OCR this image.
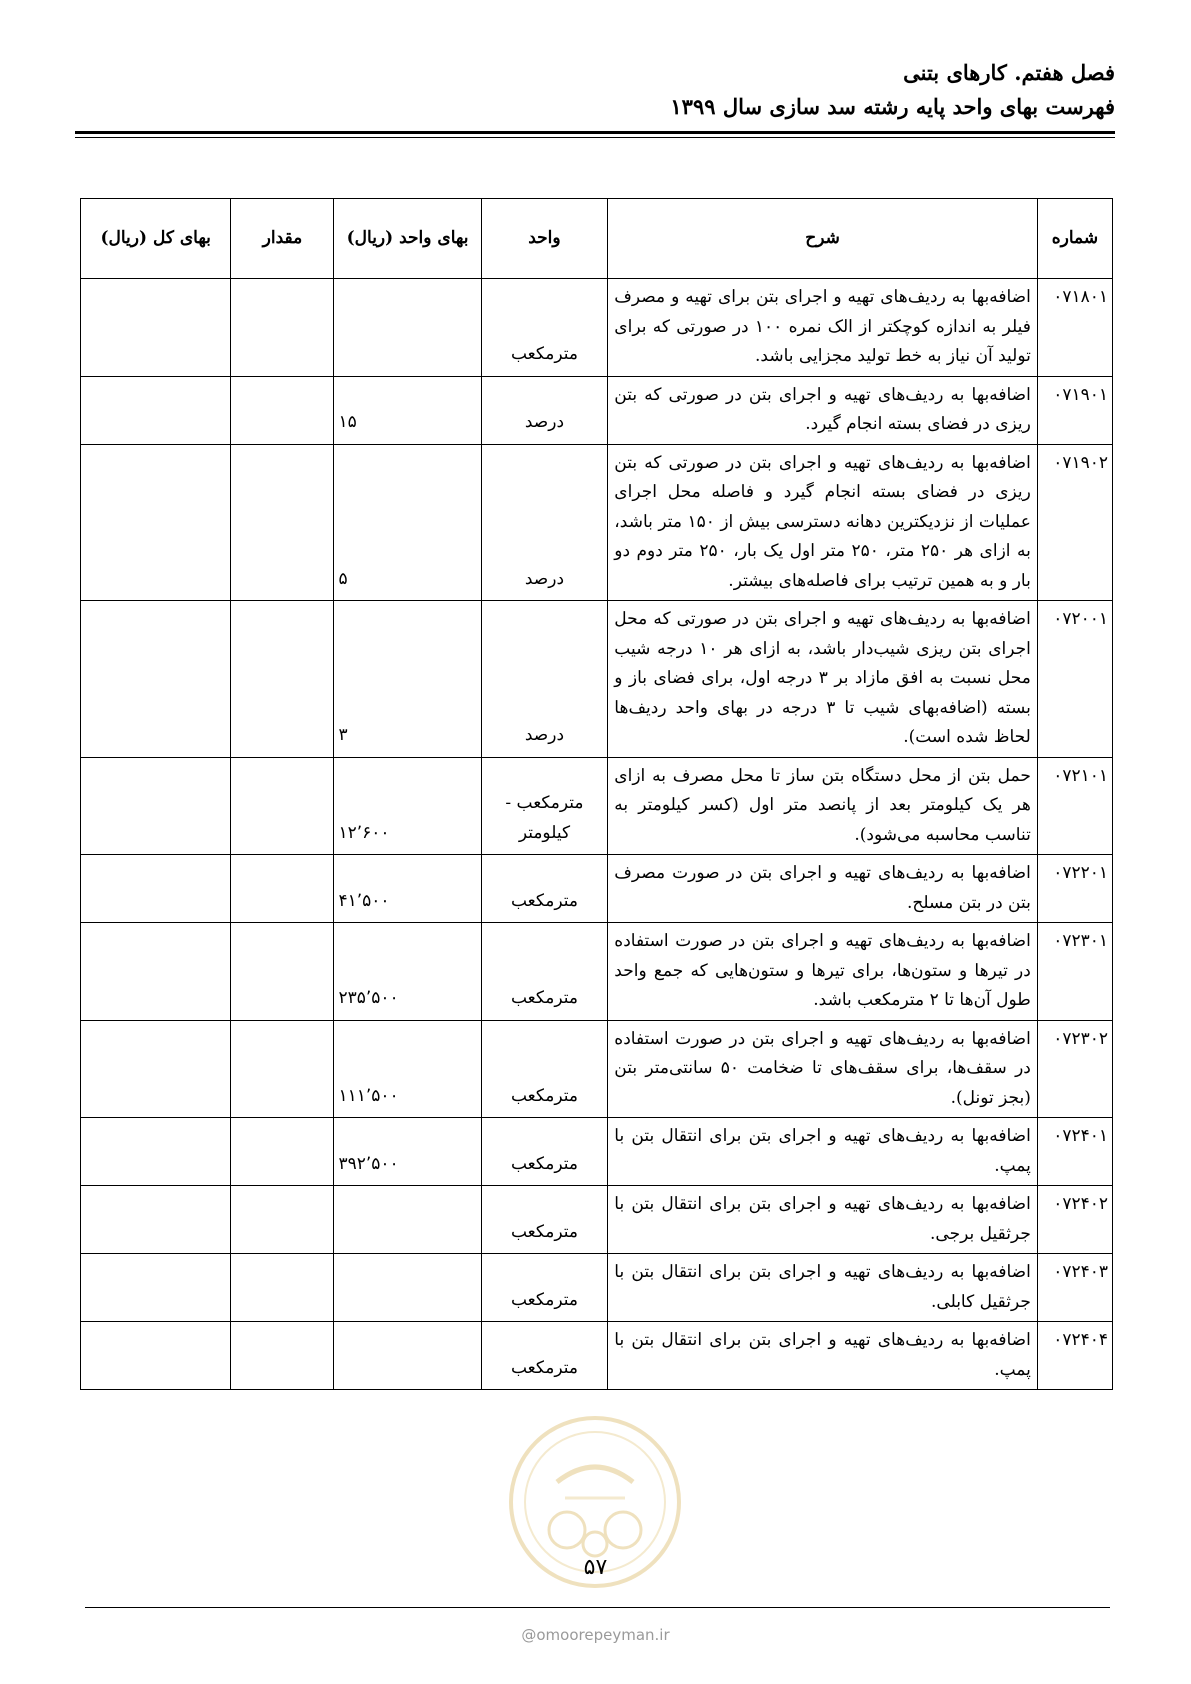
فصل هفتم. کارهای بتنی
فهرست بهای واحد پایه رشته سد سازی سال ۱۳۹۹
شماره	شرح	واحد	بهای واحد (ریال)	مقدار	بهای کل (ریال)
۰۷۱۸۰۱	اضافه‌بها به ردیف‌های تهیه و اجرای بتن برای تهیه و مصرف فیلر به اندازه کوچکتر از الک نمره ۱۰۰ در صورتی که برای تولید آن نیاز به خط تولید مجزایی باشد.	مترمکعب			
۰۷۱۹۰۱	اضافه‌بها به ردیف‌های تهیه و اجرای بتن در صورتی که بتن ریزی در فضای بسته انجام گیرد.	درصد	۱۵		
۰۷۱۹۰۲	اضافه‌بها به ردیف‌های تهیه و اجرای بتن در صورتی که بتن ریزی در فضای بسته انجام گیرد و فاصله محل اجرای عملیات از نزدیکترین دهانه دسترسی بیش از ۱۵۰ متر باشد، به ازای هر ۲۵۰ متر، ۲۵۰ متر اول یک بار، ۲۵۰ متر دوم دو بار و به همین ترتیب برای فاصله‌های بیشتر.	درصد	۵		
۰۷۲۰۰۱	اضافه‌بها به ردیف‌های تهیه و اجرای بتن در صورتی که محل اجرای بتن ریزی شیب‌دار باشد، به ازای هر ۱۰ درجه شیب محل نسبت به افق مازاد بر ۳ درجه اول، برای فضای باز و بسته (اضافه‌بهای شیب تا ۳ درجه در بهای واحد ردیف‌ها لحاظ شده است).	درصد	۳		
۰۷۲۱۰۱	حمل بتن از محل دستگاه بتن ساز تا محل مصرف به ازای هر یک کیلومتر بعد از پانصد متر اول (کسر کیلومتر به تناسب محاسبه می‌شود).	مترمکعب - کیلومتر	۱۲٬۶۰۰		
۰۷۲۲۰۱	اضافه‌بها به ردیف‌های تهیه و اجرای بتن در صورت مصرف بتن در بتن مسلح.	مترمکعب	۴۱٬۵۰۰		
۰۷۲۳۰۱	اضافه‌بها به ردیف‌های تهیه و اجرای بتن در صورت استفاده در تیرها و ستون‌ها، برای تیرها و ستون‌هایی که جمع واحد طول آن‌ها تا ۲ مترمکعب باشد.	مترمکعب	۲۳۵٬۵۰۰		
۰۷۲۳۰۲	اضافه‌بها به ردیف‌های تهیه و اجرای بتن در صورت استفاده در سقف‌ها، برای سقف‌های تا ضخامت ۵۰ سانتی‌متر بتن (بجز تونل).	مترمکعب	۱۱۱٬۵۰۰		
۰۷۲۴۰۱	اضافه‌بها به ردیف‌های تهیه و اجرای بتن برای انتقال بتن با پمپ.	مترمکعب	۳۹۲٬۵۰۰		
۰۷۲۴۰۲	اضافه‌بها به ردیف‌های تهیه و اجرای بتن برای انتقال بتن با جرثقیل برجی.	مترمکعب			
۰۷۲۴۰۳	اضافه‌بها به ردیف‌های تهیه و اجرای بتن برای انتقال بتن با جرثقیل کابلی.	مترمکعب			
۰۷۲۴۰۴	اضافه‌بها به ردیف‌های تهیه و اجرای بتن برای انتقال بتن با پمپ.	مترمکعب			
۵۷
@omoorepeyman.ir
